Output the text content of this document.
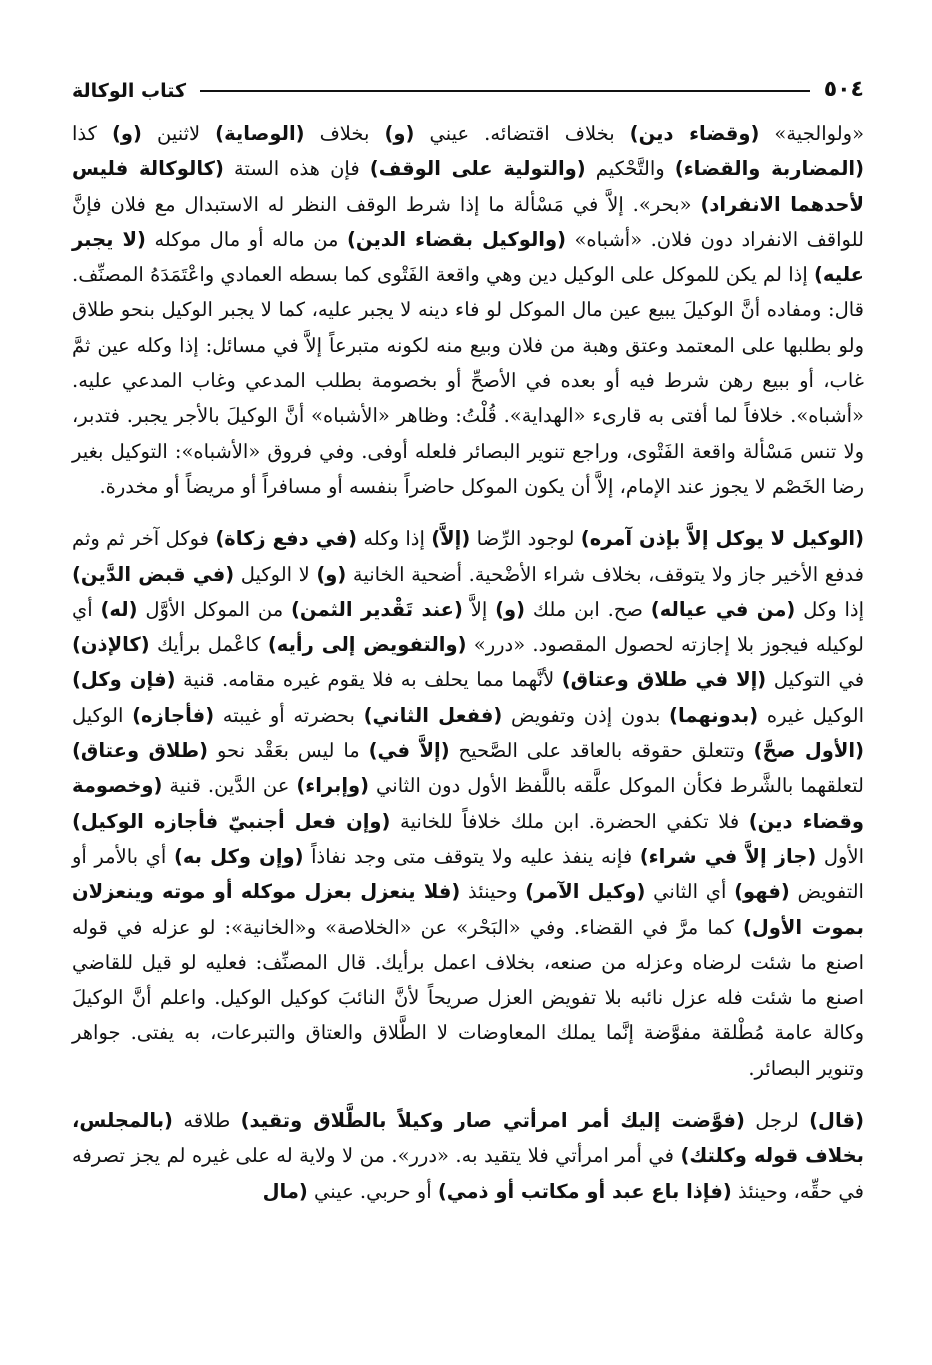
٥٠٤
كتاب الوكالة

«ولوالجية» (وقضاء دين) بخلاف اقتضائه. عيني (و) بخلاف (الوصاية) لاثنين (و) كذا (المضاربة والقضاء) والتَّحْكيم (والتولية على الوقف) فإن هذه الستة (كالوكالة فليس لأحدهما الانفراد) «بحر». إلاَّ في مَسْألة ما إذا شرط الوقف النظر له الاستبدال مع فلان فإنَّ للواقف الانفراد دون فلان. «أشباه» (والوكيل بقضاء الدين) من ماله أو مال موكله (لا يجبر عليه) إذا لم يكن للموكل على الوكيل دين وهي واقعة الفَتْوى كما بسطه العمادي واعْتَمَدَهُ المصنِّف. قال: ومفاده أنَّ الوكيلَ يبيع عين مال الموكل لو فاء دينه لا يجبر عليه، كما لا يجبر الوكيل بنحو طلاق ولو بطلبها على المعتمد وعتق وهبة من فلان وبيع منه لكونه متبرعاً إلاَّ في مسائل: إذا وكله عين ثمَّ غاب، أو ببيع رهن شرط فيه أو بعده في الأصحِّ أو بخصومة بطلب المدعي وغاب المدعي عليه. «أشباه». خلافاً لما أفتى به قارىء «الهداية». قُلْتُ: وظاهر «الأشباه» أنَّ الوكيلَ بالأجر يجبر. فتدبر، ولا تنس مَسْألة واقعة الفَتْوى، وراجع تنوير البصائر فلعله أوفى. وفي فروق «الأشباه»: التوكيل بغير رضا الخَصْم لا يجوز عند الإمام، إلاَّ أن يكون الموكل حاضراً بنفسه أو مسافراً أو مريضاً أو مخدرة.

(الوكيل لا يوكل إلاَّ بإذن آمره) لوجود الرِّضا (إلاَّ) إذا وكله (في دفع زكاة) فوكل آخر ثم وثم فدفع الأخير جاز ولا يتوقف، بخلاف شراء الأضْحية. أضحية الخانية (و) لا الوكيل (في قبض الدَّين) إذا وكل (من في عياله) صح. ابن ملك (و) إلاَّ (عند تَقْدير الثمن) من الموكل الأوَّل (له) أي لوكيله فيجوز بلا إجازته لحصول المقصود. «درر» (والتفويض إلى رأيه) كاعْمل برأيك (كالإذن) في التوكيل (إلا في طلاق وعتاق) لأنَّهما مما يحلف به فلا يقوم غيره مقامه. قنية (فإن وكل) الوكيل غيره (بدونهما) بدون إذن وتفويض (ففعل الثاني) بحضرته أو غيبته (فأجازه) الوكيل (الأول صحَّ) وتتعلق حقوقه بالعاقد على الصَّحيح (إلاَّ في) ما ليس بعَقْد نحو (طلاق وعتاق) لتعلقهما بالشَّرط فكأن الموكل علَّقه باللَّفظ الأول دون الثاني (وإبراء) عن الدَّين. قنية (وخصومة وقضاء دين) فلا تكفي الحضرة. ابن ملك خلافاً للخانية (وإن فعل أجنبيّ فأجازه الوكيل) الأول (جاز إلاَّ في شراء) فإنه ينفذ عليه ولا يتوقف متى وجد نفاذاً (وإن وكل به) أي بالأمر أو التفويض (فهو) أي الثاني (وكيل الآمر) وحينئذ (فلا ينعزل بعزل موكله أو موته وينعزلان بموت الأول) كما مرَّ في القضاء. وفي «البَحْر» عن «الخلاصة» و«الخانية»: لو عزله في قوله اصنع ما شئت لرضاه وعزله من صنعه، بخلاف اعمل برأيك. قال المصنِّف: فعليه لو قيل للقاضي اصنع ما شئت فله عزل نائبه بلا تفويض العزل صريحاً لأنَّ النائبَ كوكيل الوكيل. واعلم أنَّ الوكيلَ وكالة عامة مُطْلقة مفوَّضة إنَّما يملك المعاوضات لا الطَّلاق والعتاق والتبرعات، به يفتى. جواهر وتنوير البصائر.

(قال) لرجل (فوَّضت إليك أمر امرأتي صار وكيلاً بالطَّلاق وتقيد) طلاقه (بالمجلس، بخلاف قوله وكلتك) في أمر امرأتي فلا يتقيد به. «درر». من لا ولاية له على غيره لم يجز تصرفه في حقِّه، وحينئذ (فإذا باع عبد أو مكاتب أو ذمي) أو حربي. عيني (مال
